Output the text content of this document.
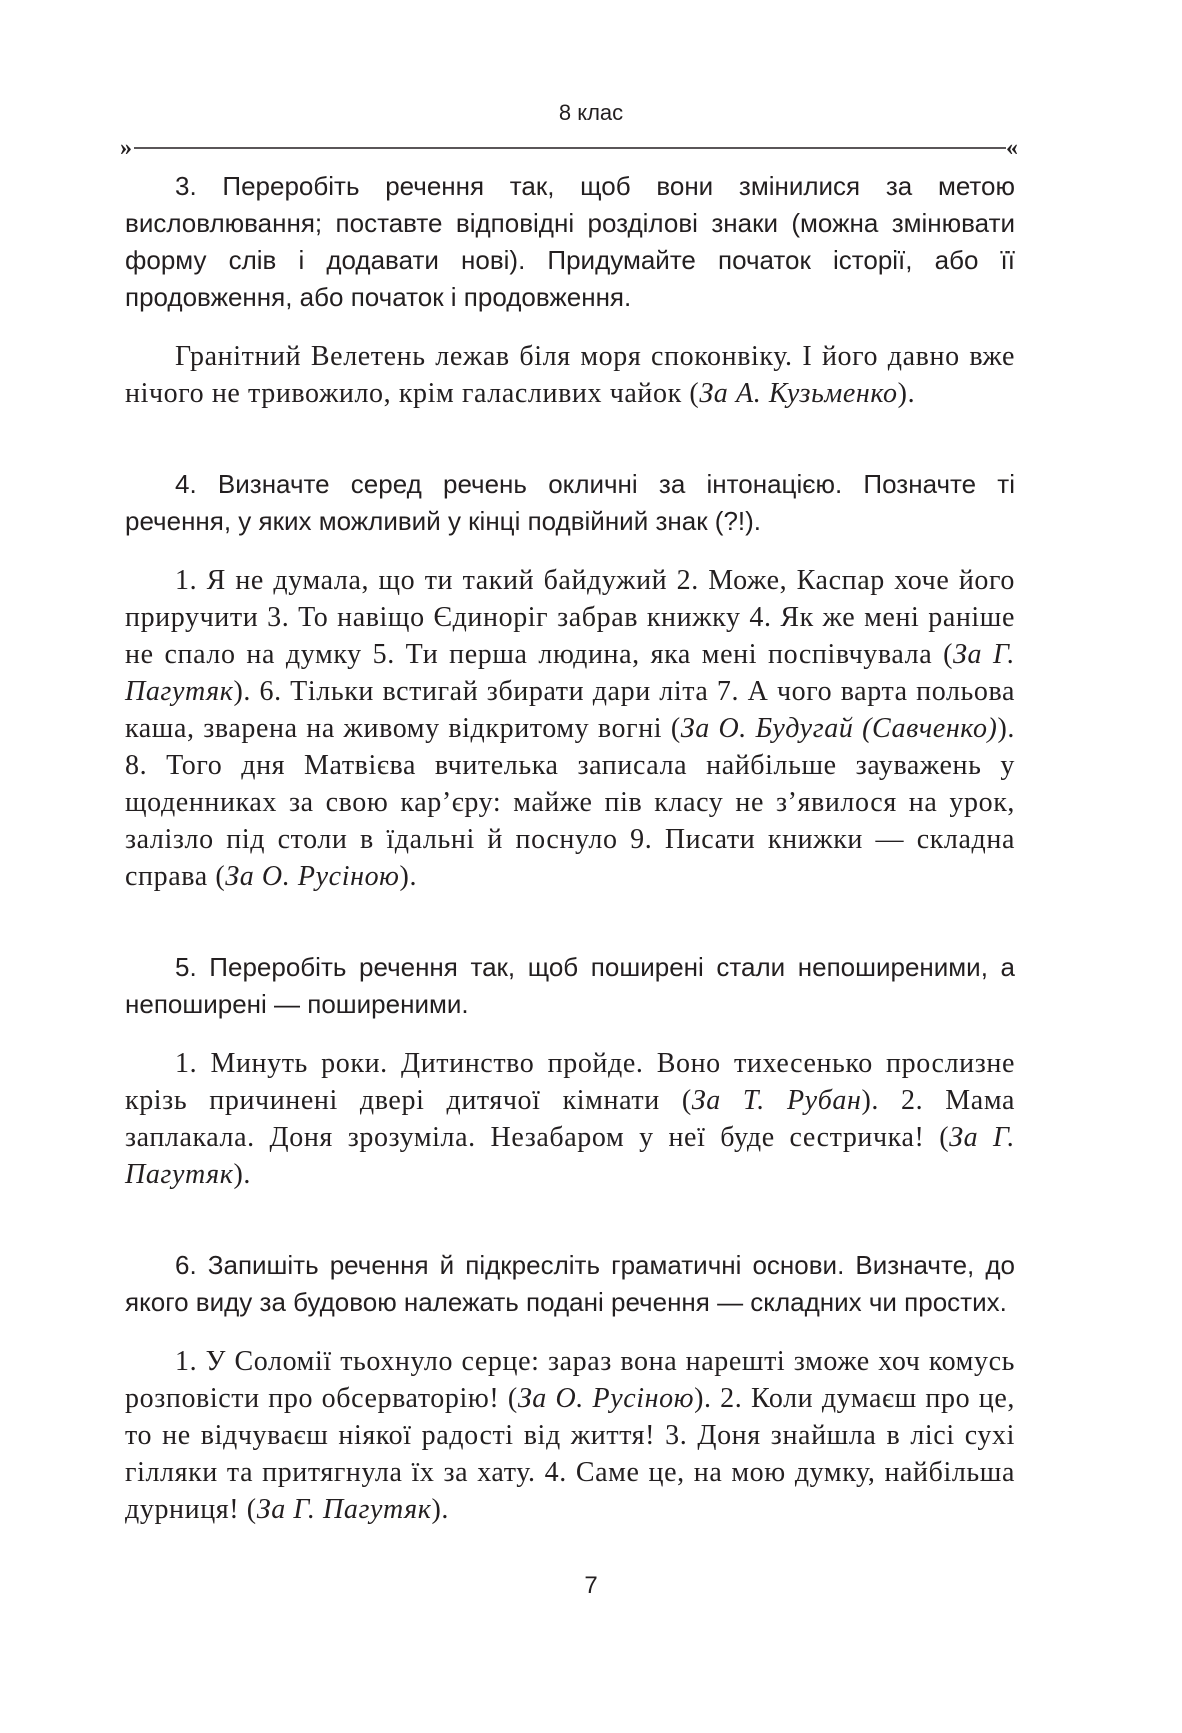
8 клас
»	«

3. Переробіть речення так, щоб вони змінилися за метою висловлювання; поставте відповідні розділові знаки (можна змінювати форму слів і додавати нові). Придумайте початок історії, або її продовження, або початок і продовження.

Гранітний Велетень лежав біля моря споконвіку. І його давно вже нічого не тривожило, крім галасливих чайок (За А. Кузьменко).

4. Визначте серед речень окличні за інтонацією. Позначте ті речення, у яких можливий у кінці подвійний знак (?!).

1. Я не думала, що ти такий байдужий 2. Може, Каспар хоче його приручити 3. То навіщо Єдиноріг забрав книжку 4. Як же мені раніше не спало на думку 5. Ти перша людина, яка мені поспівчувала (За Г. Пагутяк). 6. Тільки встигай збирати дари літа 7. А чого варта польова каша, зварена на живому відкритому вогні (За О. Будугай (Савченко)). 8. Того дня Матвієва вчителька записала найбільше зауважень у щоденниках за свою кар’єру: майже пів класу не з’явилося на урок, залізло під столи в їдальні й поснуло 9. Писати книжки — складна справа (За О. Русіною).

5. Переробіть речення так, щоб поширені стали непоширеними, а непоширені — поширеними.

1. Минуть роки. Дитинство пройде. Воно тихесенько прослизне крізь причинені двері дитячої кімнати (За Т. Рубан). 2. Мама заплакала. Доня зрозуміла. Незабаром у неї буде сестричка! (За Г. Пагутяк).

6. Запишіть речення й підкресліть граматичні основи. Визначте, до якого виду за будовою належать подані речення — складних чи простих.

1. У Соломії тьохнуло серце: зараз вона нарешті зможе хоч комусь розповісти про обсерваторію! (За О. Русіною). 2. Коли думаєш про це, то не відчуваєш ніякої радості від життя! 3. Доня знайшла в лісі сухі гілляки та притягнула їх за хату. 4. Саме це, на мою думку, найбільша дурниця! (За Г. Пагутяк).

7
